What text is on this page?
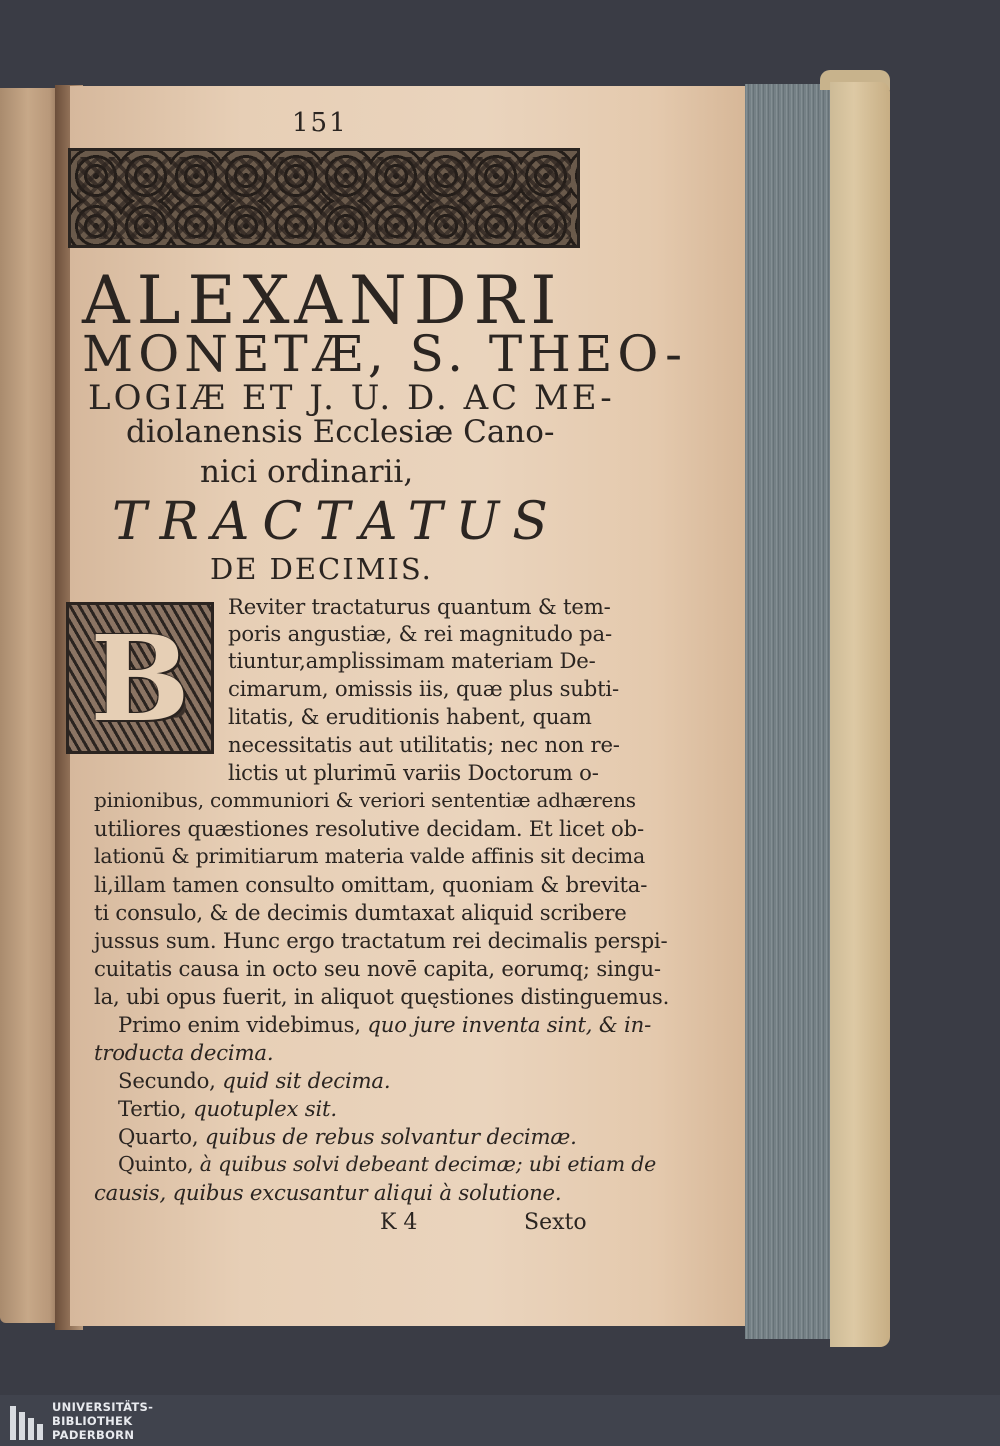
151
ALEXANDRI
MONETÆ, S. THEO-
LOGIÆ ET J. U. D. AC ME-
diolanensis Ecclesiæ Cano-
nici ordinarii,
TRACTATUS
DE DECIMIS.
B
Reviter tractaturus quantum & tem-
poris angustiæ, & rei magnitudo pa-
tiuntur,amplissimam materiam De-
cimarum, omissis iis, quæ plus subti-
litatis, & eruditionis habent, quam
necessitatis aut utilitatis; nec non re-
lictis ut plurimū variis Doctorum o-
pinionibus, communiori & veriori sententiæ adhærens
utiliores quæstiones resolutive decidam. Et licet ob-
lationū & primitiarum materia valde affinis sit decima
li,illam tamen consulto omittam, quoniam & brevita-
ti consulo, & de decimis dumtaxat aliquid scribere
jussus sum. Hunc ergo tractatum rei decimalis perspi-
cuitatis causa in octo seu novē capita, eorumq; singu-
la, ubi opus fuerit, in aliquot quęstiones distinguemus.
Primo enim videbimus, quo jure inventa sint, & in-
troducta decima.
Secundo, quid sit decima.
Tertio, quotuplex sit.
Quarto, quibus de rebus solvantur decimæ.
Quinto, à quibus solvi debeant decimæ; ubi etiam de
causis, quibus excusantur aliqui à solutione.
K 4	Sexto
UNIVERSITÄTS-
BIBLIOTHEK
PADERBORN
